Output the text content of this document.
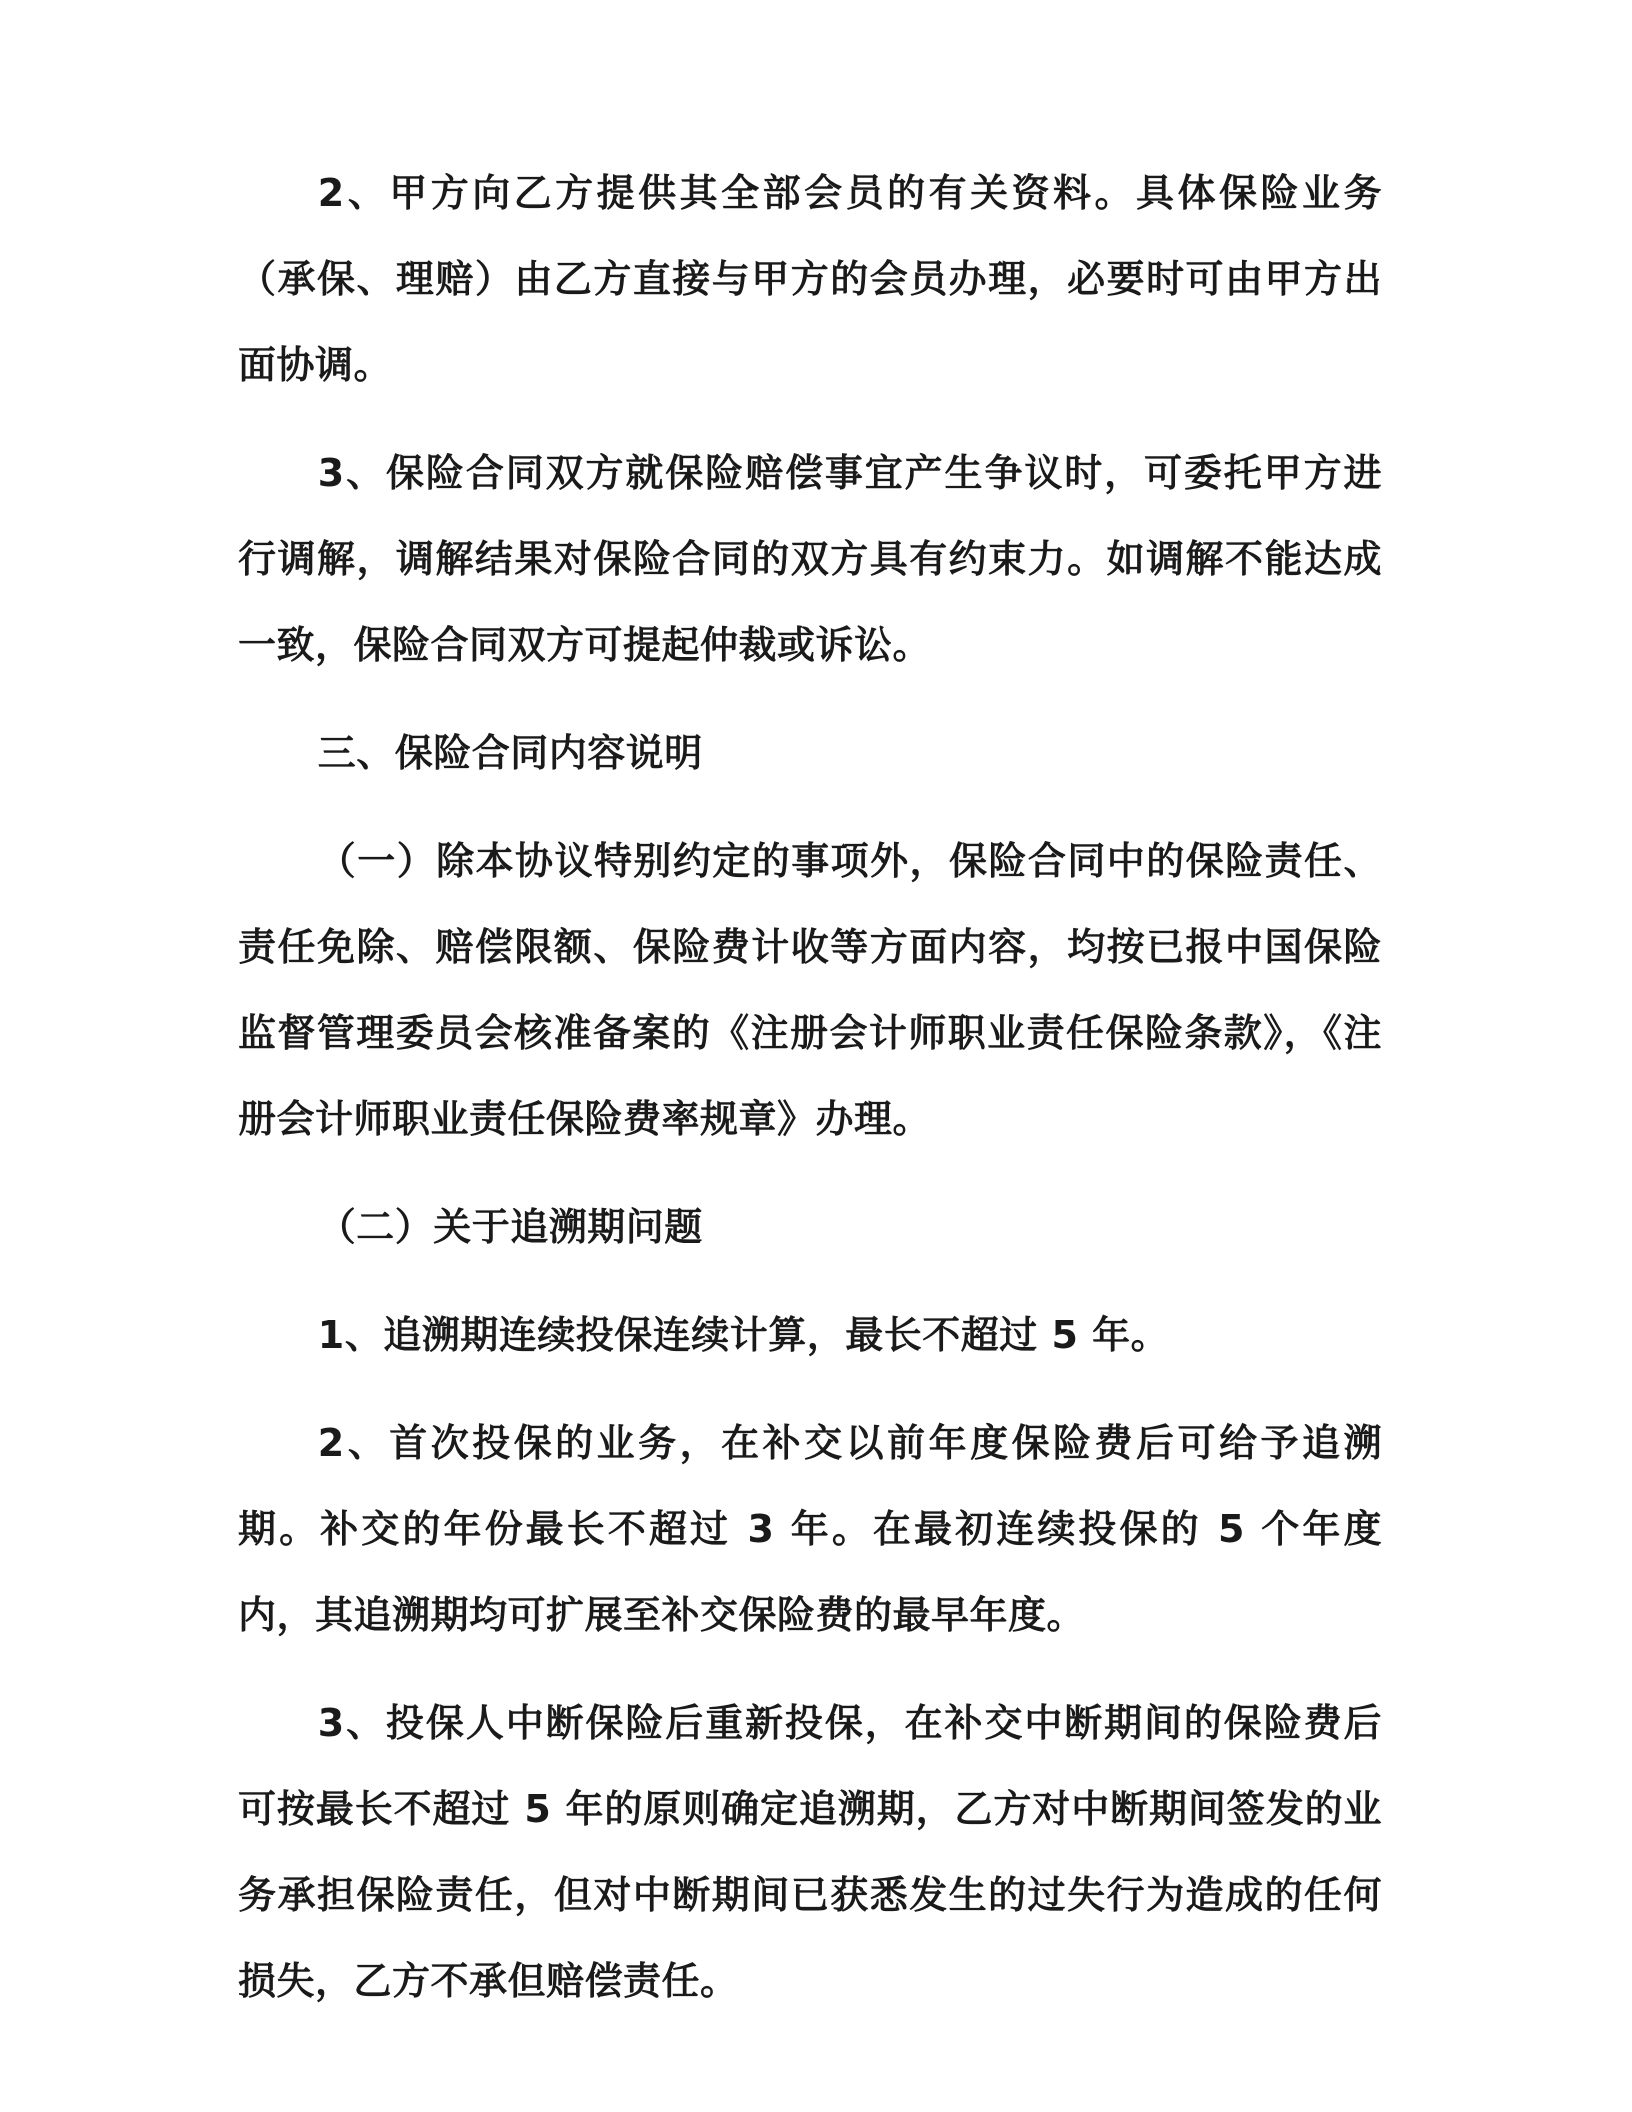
2、甲方向乙方提供其全部会员的有关资料。具体保险业务（承保、理赔）由乙方直接与甲方的会员办理，必要时可由甲方出面协调。

3、保险合同双方就保险赔偿事宜产生争议时，可委托甲方进行调解，调解结果对保险合同的双方具有约束力。如调解不能达成一致，保险合同双方可提起仲裁或诉讼。

三、保险合同内容说明

（一）除本协议特别约定的事项外，保险合同中的保险责任、责任免除、赔偿限额、保险费计收等方面内容，均按已报中国保险监督管理委员会核准备案的《注册会计师职业责任保险条款》，《注册会计师职业责任保险费率规章》办理。

（二）关于追溯期问题

1、追溯期连续投保连续计算，最长不超过 5 年。

2、首次投保的业务，在补交以前年度保险费后可给予追溯期。补交的年份最长不超过 3 年。在最初连续投保的 5 个年度内，其追溯期均可扩展至补交保险费的最早年度。

3、投保人中断保险后重新投保，在补交中断期间的保险费后可按最长不超过 5 年的原则确定追溯期，乙方对中断期间签发的业务承担保险责任，但对中断期间已获悉发生的过失行为造成的任何损失，乙方不承但赔偿责任。
